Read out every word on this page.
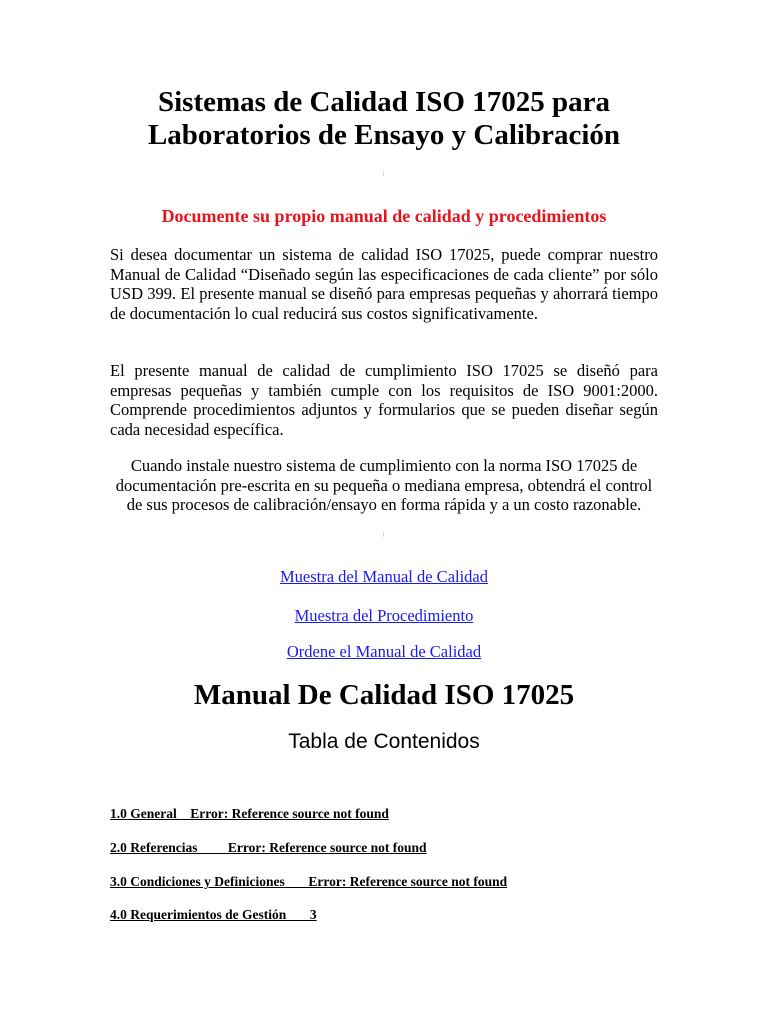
Sistemas de Calidad ISO 17025 para
Laboratorios de Ensayo y Calibración
Documente su propio manual de calidad y procedimientos
Si desea documentar un sistema de calidad ISO 17025, puede comprar nuestro Manual de Calidad “Diseñado según las especificaciones de cada cliente” por sólo USD 399. El presente manual se diseñó para empresas pequeñas y ahorrará tiempo de documentación lo cual reducirá sus costos significativamente.
El presente manual de calidad de cumplimiento ISO 17025 se diseñó para empresas pequeñas y también cumple con los requisitos de ISO 9001:2000. Comprende procedimientos adjuntos y formularios que se pueden diseñar según cada necesidad específica.
Cuando instale nuestro sistema de cumplimiento con la norma ISO 17025 de documentación pre-escrita en su pequeña o mediana empresa, obtendrá el control de sus procesos de calibración/ensayo en forma rápida y a un costo razonable.
Muestra del Manual de Calidad
Muestra del Procedimiento
Ordene el Manual de Calidad
Manual De Calidad ISO 17025
Tabla de Contenidos
1.0 General    Error: Reference source not found
2.0 Referencias         Error: Reference source not found
3.0 Condiciones y Definiciones       Error: Reference source not found
4.0 Requerimientos de Gestión       3
